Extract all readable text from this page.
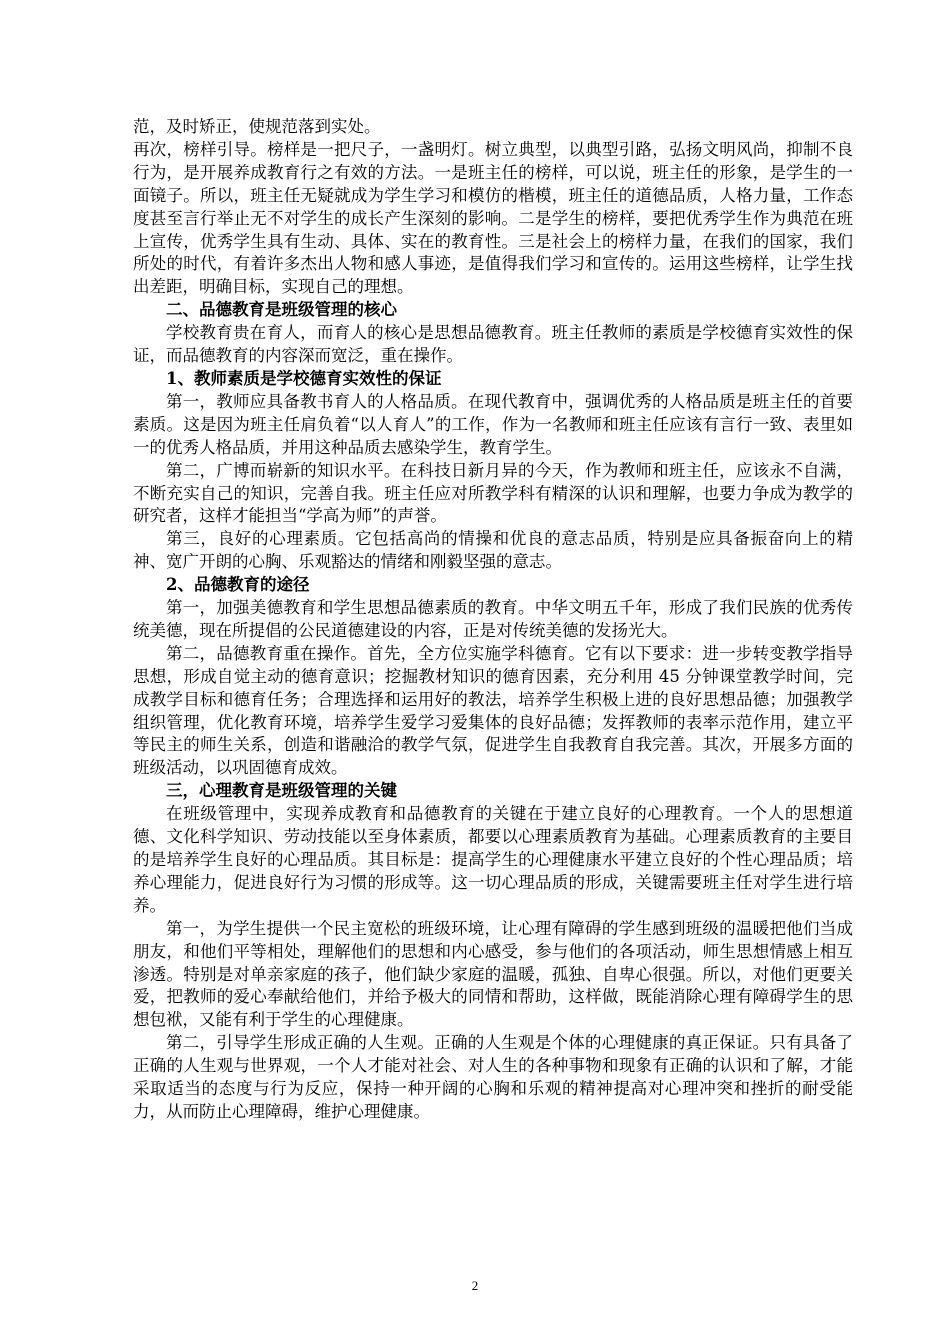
范，及时矫正，使规范落到实处。

再次，榜样引导。榜样是一把尺子，一盏明灯。树立典型，以典型引路，弘扬文明风尚，抑制不良行为，是开展养成教育行之有效的方法。一是班主任的榜样，可以说，班主任的形象，是学生的一面镜子。所以，班主任无疑就成为学生学习和模仿的楷模，班主任的道德品质，人格力量，工作态度甚至言行举止无不对学生的成长产生深刻的影响。二是学生的榜样，要把优秀学生作为典范在班上宣传，优秀学生具有生动、具体、实在的教育性。三是社会上的榜样力量，在我们的国家，我们所处的时代，有着许多杰出人物和感人事迹，是值得我们学习和宣传的。运用这些榜样，让学生找出差距，明确目标，实现自己的理想。

二、品德教育是班级管理的核心

学校教育贵在育人，而育人的核心是思想品德教育。班主任教师的素质是学校德育实效性的保证，而品德教育的内容深而宽泛，重在操作。

1、教师素质是学校德育实效性的保证

第一，教师应具备教书育人的人格品质。在现代教育中，强调优秀的人格品质是班主任的首要素质。这是因为班主任肩负着“以人育人”的工作，作为一名教师和班主任应该有言行一致、表里如一的优秀人格品质，并用这种品质去感染学生，教育学生。

第二，广博而崭新的知识水平。在科技日新月异的今天，作为教师和班主任，应该永不自满，不断充实自己的知识，完善自我。班主任应对所教学科有精深的认识和理解，也要力争成为教学的研究者，这样才能担当“学高为师”的声誉。

第三，良好的心理素质。它包括高尚的情操和优良的意志品质，特别是应具备振奋向上的精神、宽广开朗的心胸、乐观豁达的情绪和刚毅坚强的意志。

2、品德教育的途径

第一，加强美德教育和学生思想品德素质的教育。中华文明五千年，形成了我们民族的优秀传统美德，现在所提倡的公民道德建设的内容，正是对传统美德的发扬光大。

第二，品德教育重在操作。首先，全方位实施学科德育。它有以下要求：进一步转变教学指导思想，形成自觉主动的德育意识；挖掘教材知识的德育因素，充分利用 45 分钟课堂教学时间，完成教学目标和德育任务；合理选择和运用好的教法，培养学生积极上进的良好思想品德；加强教学组织管理，优化教育环境，培养学生爱学习爱集体的良好品德；发挥教师的表率示范作用，建立平等民主的师生关系，创造和谐融洽的教学气氛，促进学生自我教育自我完善。其次，开展多方面的班级活动，以巩固德育成效。

三，心理教育是班级管理的关键

在班级管理中，实现养成教育和品德教育的关键在于建立良好的心理教育。一个人的思想道德、文化科学知识、劳动技能以至身体素质，都要以心理素质教育为基础。心理素质教育的主要目的是培养学生良好的心理品质。其目标是：提高学生的心理健康水平建立良好的个性心理品质；培养心理能力，促进良好行为习惯的形成等。这一切心理品质的形成，关键需要班主任对学生进行培养。

第一，为学生提供一个民主宽松的班级环境，让心理有障碍的学生感到班级的温暖把他们当成朋友，和他们平等相处，理解他们的思想和内心感受，参与他们的各项活动，师生思想情感上相互渗透。特别是对单亲家庭的孩子，他们缺少家庭的温暖，孤独、自卑心很强。所以，对他们更要关爱，把教师的爱心奉献给他们，并给予极大的同情和帮助，这样做，既能消除心理有障碍学生的思想包袱，又能有利于学生的心理健康。

第二，引导学生形成正确的人生观。正确的人生观是个体的心理健康的真正保证。只有具备了正确的人生观与世界观，一个人才能对社会、对人生的各种事物和现象有正确的认识和了解，才能采取适当的态度与行为反应，保持一种开阔的心胸和乐观的精神提高对心理冲突和挫折的耐受能力，从而防止心理障碍，维护心理健康。

2
